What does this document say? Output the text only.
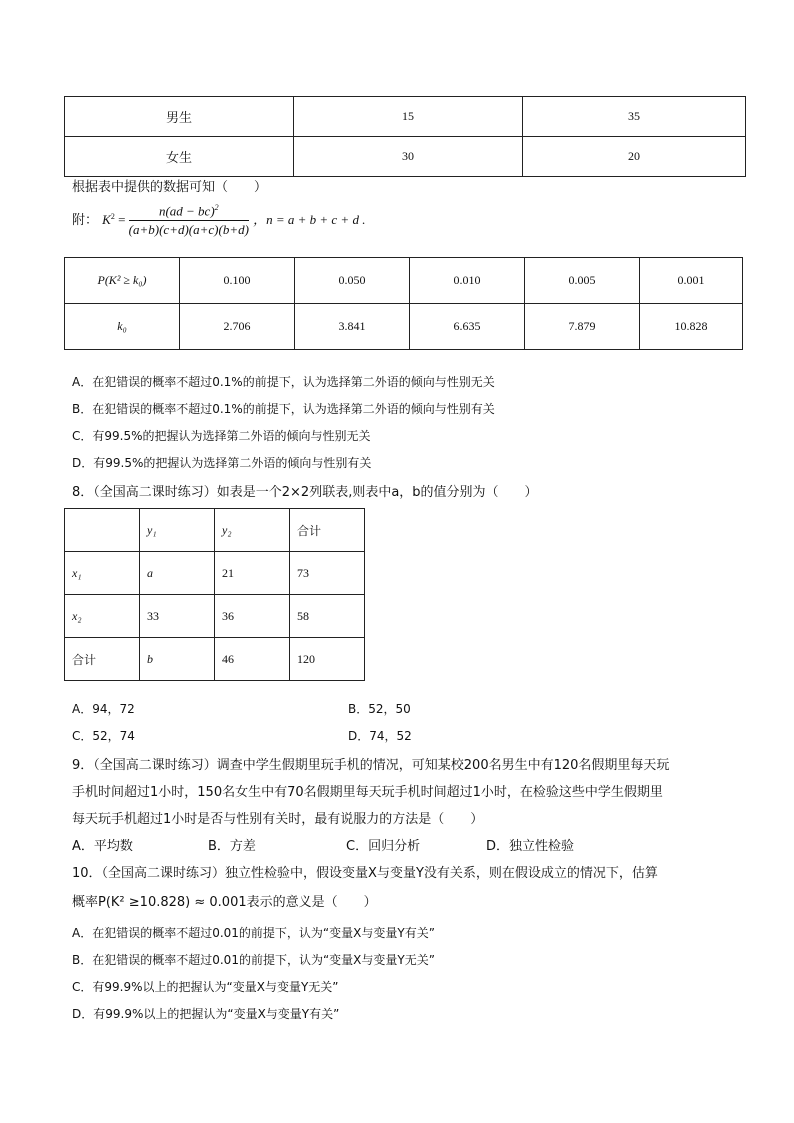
男生	15	35
女生	30	20
根据表中提供的数据可知（　　）
附： $K^2 = \frac{n(ad - bc)^2}{(a+b)(c+d)(a+c)(b+d)}$ ，n = a + b + c + d .
P(K² ≥ k₀)	0.100	0.050	0.010	0.005	0.001
k₀	2.706	3.841	6.635	7.879	10.828
A．在犯错误的概率不超过0.1%的前提下，认为选择第二外语的倾向与性别无关
B．在犯错误的概率不超过0.1%的前提下，认为选择第二外语的倾向与性别有关
C．有99.5%的把握认为选择第二外语的倾向与性别无关
D．有99.5%的把握认为选择第二外语的倾向与性别有关
8．（全国高二课时练习）如表是一个2×2列联表,则表中a，b的值分别为（　　）
	y₁	y₂	合计
x₁	a	21	73
x₂	33	36	58
合计	b	46	120
A．94，72	B．52，50
C．52，74	D．74，52
9．（全国高二课时练习）调查中学生假期里玩手机的情况，可知某校200名男生中有120名假期里每天玩
手机时间超过1小时，150名女生中有70名假期里每天玩手机时间超过1小时，在检验这些中学生假期里
每天玩手机超过1小时是否与性别有关时，最有说服力的方法是（　　）
A．平均数	B．方差	C．回归分析	D．独立性检验
10．（全国高二课时练习）独立性检验中，假设变量X与变量Y没有关系，则在假设成立的情况下，估算
概率P(K² ≥10.828) ≈ 0.001表示的意义是（　　）
A．在犯错误的概率不超过0.01的前提下，认为“变量X与变量Y有关”
B．在犯错误的概率不超过0.01的前提下，认为“变量X与变量Y无关”
C．有99.9%以上的把握认为“变量X与变量Y无关”
D．有99.9%以上的把握认为“变量X与变量Y有关”
